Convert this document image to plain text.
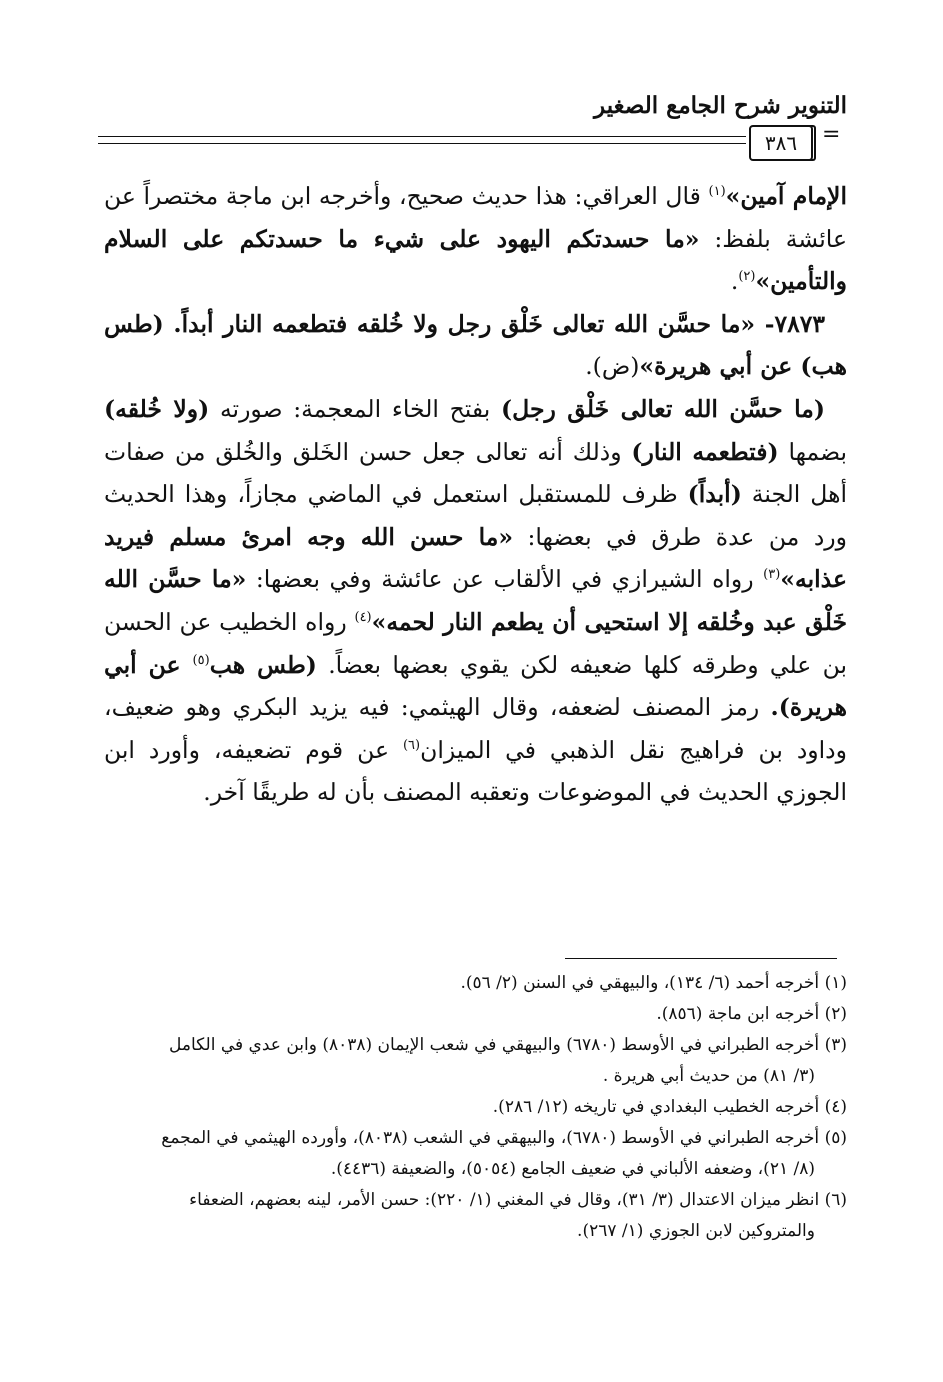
التنوير شرح الجامع الصغير
٣٨٦	=

الإمام آمين»$^{(١)}$ قال العراقي: هذا حديث صحيح، وأخرجه ابن ماجة مختصراً عن عائشة بلفظ: «ما حسدتكم اليهود على شيء ما حسدتكم على السلام والتأمين»$^{(٢)}$.

٧٨٧٣- «ما حسَّن الله تعالى خَلْق رجل ولا خُلقه فتطعمه النار أبداً. (طس هب) عن أبي هريرة»(ض).

(ما حسَّن الله تعالى خَلْق رجل) بفتح الخاء المعجمة: صورته (ولا خُلقه) بضمها (فتطعمه النار) وذلك أنه تعالى جعل حسن الخَلق والخُلق من صفات أهل الجنة (أبداً) ظرف للمستقبل استعمل في الماضي مجازاً، وهذا الحديث ورد من عدة طرق في بعضها: «ما حسن الله وجه امرئ مسلم فيريد عذابه»$^{(٣)}$ رواه الشيرازي في الألقاب عن عائشة وفي بعضها: «ما حسَّن الله خَلْق عبد وخُلقه إلا استحيى أن يطعم النار لحمه»$^{(٤)}$ رواه الخطيب عن الحسن بن علي وطرقه كلها ضعيفه لكن يقوي بعضها بعضاً. (طس هب$^{(٥)}$ عن أبي هريرة). رمز المصنف لضعفه، وقال الهيثمي: فيه يزيد البكري وهو ضعيف، وداود بن فراهيج نقل الذهبي في الميزان$^{(٦)}$ عن قوم تضعيفه، وأورد ابن الجوزي الحديث في الموضوعات وتعقبه المصنف بأن له طريقًا آخر.

(١) أخرجه أحمد (٦/ ١٣٤)، والبيهقي في السنن (٢/ ٥٦).

(٢) أخرجه ابن ماجة (٨٥٦).

(٣) أخرجه الطبراني في الأوسط (٦٧٨٠) والبيهقي في شعب الإيمان (٨٠٣٨) وابن عدي في الكامل

(٣/ ٨١) من حديث أبي هريرة .

(٤) أخرجه الخطيب البغدادي في تاريخه (١٢/ ٢٨٦).

(٥) أخرجه الطبراني في الأوسط (٦٧٨٠)، والبيهقي في الشعب (٨٠٣٨)، وأورده الهيثمي في المجمع

(٨/ ٢١)، وضعفه الألباني في ضعيف الجامع (٥٠٥٤)، والضعيفة (٤٤٣٦).

(٦) انظر ميزان الاعتدال (٣/ ٣١)، وقال في المغني (١/ ٢٢٠): حسن الأمر، لينه بعضهم، الضعفاء

والمتروكين لابن الجوزي (١/ ٢٦٧).
